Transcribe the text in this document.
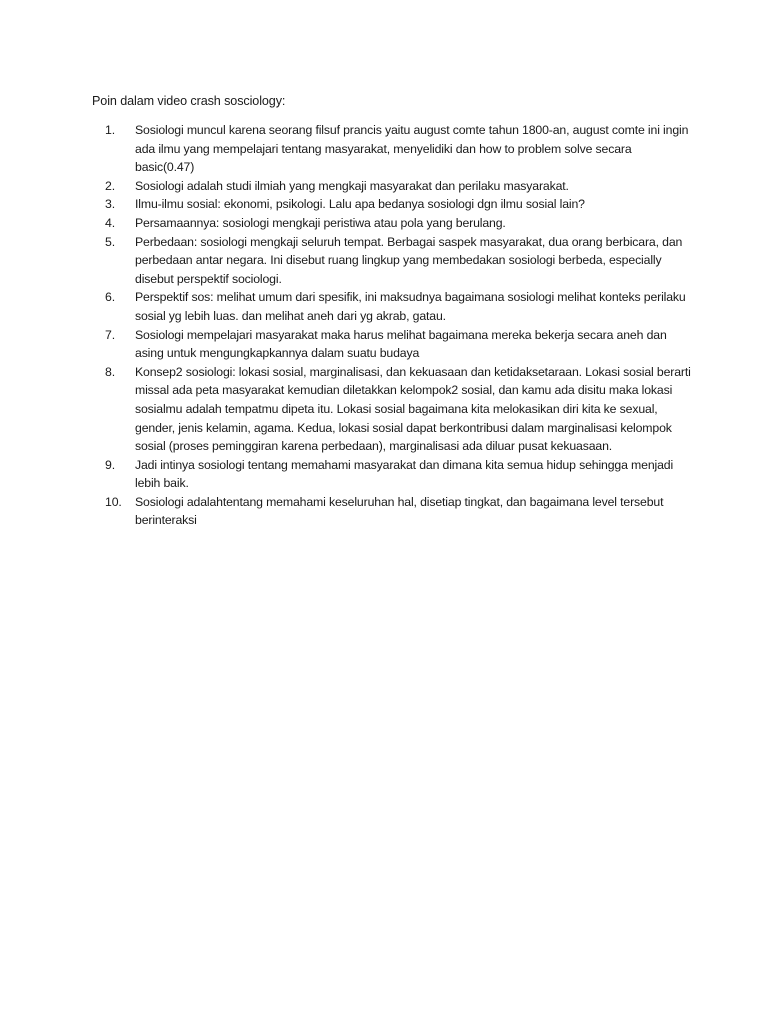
Poin dalam video crash sosciology:
1.	Sosiologi muncul karena seorang filsuf prancis yaitu august comte tahun 1800-an, august comte ini ingin ada ilmu yang mempelajari tentang masyarakat, menyelidiki dan how to problem solve secara basic(0.47)
2.	Sosiologi adalah studi ilmiah yang mengkaji masyarakat dan perilaku masyarakat.
3.	Ilmu-ilmu sosial: ekonomi, psikologi. Lalu apa bedanya sosiologi dgn ilmu sosial lain?
4.	Persamaannya: sosiologi mengkaji peristiwa atau pola yang berulang.
5.	Perbedaan: sosiologi mengkaji seluruh tempat. Berbagai saspek masyarakat, dua orang berbicara, dan perbedaan antar negara. Ini disebut ruang lingkup yang membedakan sosiologi berbeda, especially disebut perspektif sociologi.
6.	Perspektif sos: melihat umum dari spesifik, ini maksudnya bagaimana sosiologi melihat konteks perilaku sosial yg lebih luas. dan melihat aneh dari yg akrab, gatau.
7.	Sosiologi mempelajari masyarakat maka harus melihat bagaimana mereka bekerja secara aneh dan asing untuk mengungkapkannya dalam suatu budaya
8.	Konsep2 sosiologi: lokasi sosial, marginalisasi, dan kekuasaan dan ketidaksetaraan. Lokasi sosial berarti missal ada peta masyarakat kemudian diletakkan kelompok2 sosial, dan kamu ada disitu maka lokasi sosialmu adalah tempatmu dipeta itu. Lokasi sosial bagaimana kita melokasikan diri kita ke sexual, gender, jenis kelamin, agama. Kedua, lokasi sosial dapat berkontribusi dalam marginalisasi kelompok sosial (proses peminggiran karena perbedaan), marginalisasi ada diluar pusat kekuasaan.
9.	Jadi intinya sosiologi tentang memahami masyarakat dan dimana kita semua hidup sehingga menjadi lebih baik.
10.	Sosiologi adalahtentang memahami keseluruhan hal, disetiap tingkat, dan bagaimana level tersebut berinteraksi
